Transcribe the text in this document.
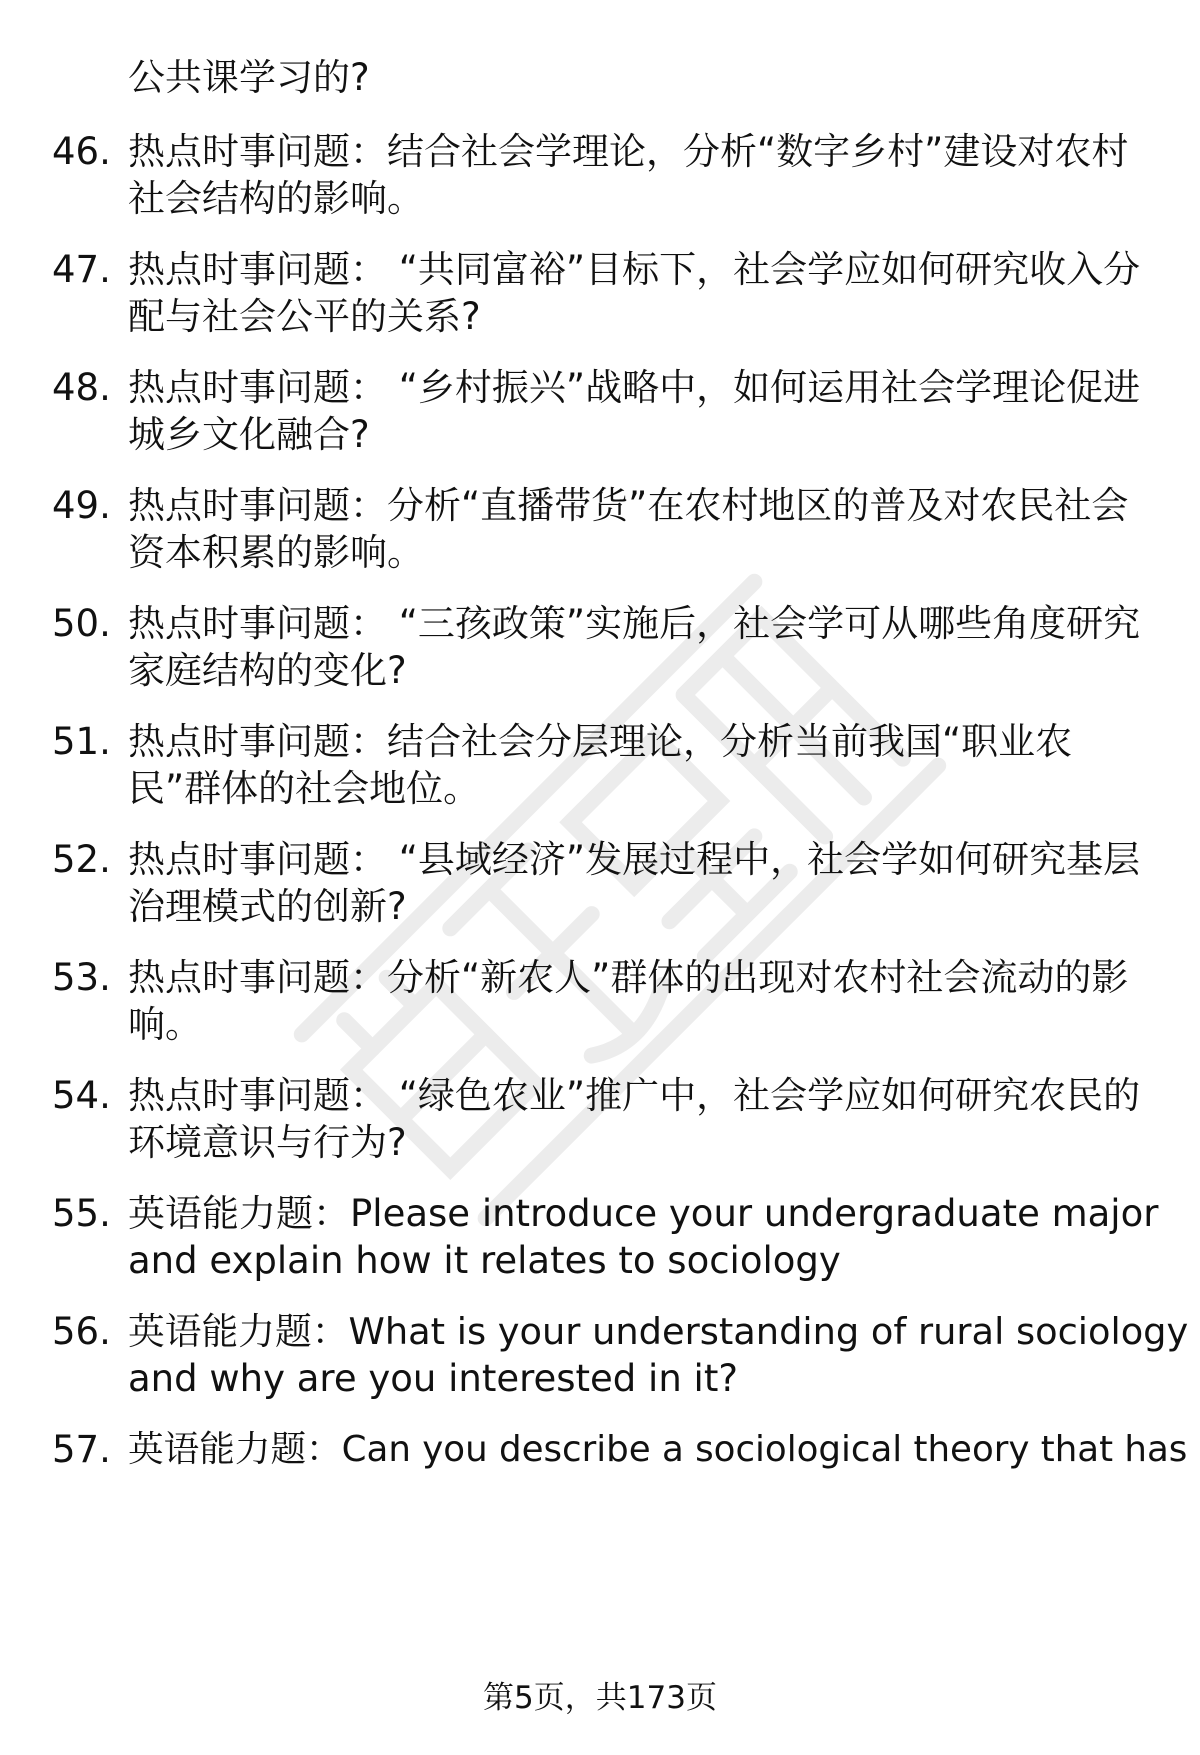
公共课学习的?
46. 热点时事问题：结合社会学理论，分析“数字乡村”建设对农村
社会结构的影响。
47. 热点时事问题： “共同富裕”目标下，社会学应如何研究收入分
配与社会公平的关系?
48. 热点时事问题： “乡村振兴”战略中，如何运用社会学理论促进
城乡文化融合?
49. 热点时事问题：分析“直播带货”在农村地区的普及对农民社会
资本积累的影响。
50. 热点时事问题： “三孩政策”实施后，社会学可从哪些角度研究
家庭结构的变化?
51. 热点时事问题：结合社会分层理论，分析当前我国“职业农
民”群体的社会地位。
52. 热点时事问题： “县域经济”发展过程中，社会学如何研究基层
治理模式的创新?
53. 热点时事问题：分析“新农人”群体的出现对农村社会流动的影
响。
54. 热点时事问题： “绿色农业”推广中，社会学应如何研究农民的
环境意识与行为?
55. 英语能力题：Please introduce your undergraduate major
and explain how it relates to sociology
56. 英语能力题：What is your understanding of rural sociology
and why are you interested in it?
57. 英语能力题：Can you describe a sociological theory that has
第5页，共173页
